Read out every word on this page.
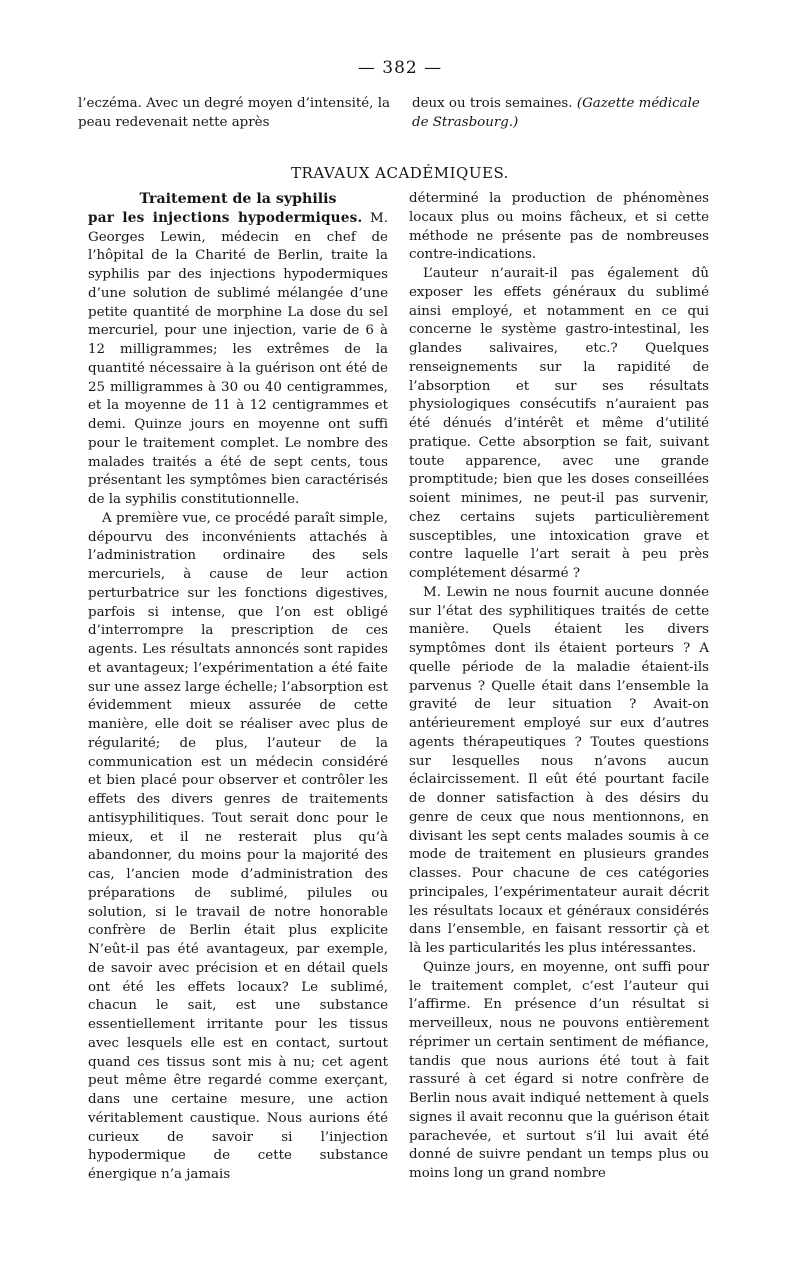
— 382 —
l’eczéma. Avec un degré moyen d’intensité, la peau redevenait nette après
deux ou trois semaines. (Gazette médicale de Strasbourg.)
TRAVAUX ACADÉMIQUES.
Traitement de la syphilis

par les injections hypodermiques. M. Georges Lewin, médecin en chef de l’hôpital de la Charité de Berlin, traite la syphilis par des injections hypodermiques d’une solution de sublimé mélangée d’une petite quantité de morphine La dose du sel mercuriel, pour une injection, varie de 6 à 12 milligrammes; les extrêmes de la quantité nécessaire à la guérison ont été de 25 milligrammes à 30 ou 40 centigrammes, et la moyenne de 11 à 12 centigrammes et demi. Quinze jours en moyenne ont suffi pour le traitement complet. Le nombre des malades traités a été de sept cents, tous présentant les symptômes bien caractérisés de la syphilis constitutionnelle.

A première vue, ce procédé paraît simple, dépourvu des inconvénients attachés à l’administration ordinaire des sels mercuriels, à cause de leur action perturbatrice sur les fonctions digestives, parfois si intense, que l’on est obligé d’interrompre la prescription de ces agents. Les résultats annoncés sont rapides et avantageux; l’expérimentation a été faite sur une assez large échelle; l’absorption est évidemment mieux assurée de cette manière, elle doit se réaliser avec plus de régularité; de plus, l’auteur de la communication est un médecin considéré et bien placé pour observer et contrôler les effets des divers genres de traitements antisyphilitiques. Tout serait donc pour le mieux, et il ne resterait plus qu’à abandonner, du moins pour la majorité des cas, l’ancien mode d’administration des préparations de sublimé, pilules ou solution, si le travail de notre honorable confrère de Berlin était plus explicite N’eût-il pas été avantageux, par exemple, de savoir avec précision et en détail quels ont été les effets locaux? Le sublimé, chacun le sait, est une substance essentiellement irritante pour les tissus avec lesquels elle est en contact, surtout quand ces tissus sont mis à nu; cet agent peut même être regardé comme exerçant, dans une certaine mesure, une action véritablement caustique. Nous aurions été curieux de savoir si l’injection hypodermique de cette substance énergique n’a jamais

déterminé la production de phénomènes locaux plus ou moins fâcheux, et si cette méthode ne présente pas de nombreuses contre-indications.

L’auteur n’aurait-il pas également dû exposer les effets généraux du sublimé ainsi employé, et notamment en ce qui concerne le système gastro-intestinal, les glandes salivaires, etc.? Quelques renseignements sur la rapidité de l’absorption et sur ses résultats physiologiques consécutifs n’auraient pas été dénués d’intérêt et même d’utilité pratique. Cette absorption se fait, suivant toute apparence, avec une grande promptitude; bien que les doses conseillées soient minimes, ne peut-il pas survenir, chez certains sujets particulièrement susceptibles, une intoxication grave et contre laquelle l’art serait à peu près complétement désarmé ?

M. Lewin ne nous fournit aucune donnée sur l’état des syphilitiques traités de cette manière. Quels étaient les divers symptômes dont ils étaient porteurs ? A quelle période de la maladie étaient-ils parvenus ? Quelle était dans l’ensemble la gravité de leur situation ? Avait-on antérieurement employé sur eux d’autres agents thérapeutiques ? Toutes questions sur lesquelles nous n’avons aucun éclaircissement. Il eût été pourtant facile de donner satisfaction à des désirs du genre de ceux que nous mentionnons, en divisant les sept cents malades soumis à ce mode de traitement en plusieurs grandes classes. Pour chacune de ces catégories principales, l’expérimentateur aurait décrit les résultats locaux et généraux considérés dans l’ensemble, en faisant ressortir çà et là les particularités les plus intéressantes.

Quinze jours, en moyenne, ont suffi pour le traitement complet, c’est l’auteur qui l’affirme. En présence d’un résultat si merveilleux, nous ne pouvons entièrement réprimer un certain sentiment de méfiance, tandis que nous aurions été tout à fait rassuré à cet égard si notre confrère de Berlin nous avait indiqué nettement à quels signes il avait reconnu que la guérison était parachevée, et surtout s’il lui avait été donné de suivre pendant un temps plus ou moins long un grand nombre
